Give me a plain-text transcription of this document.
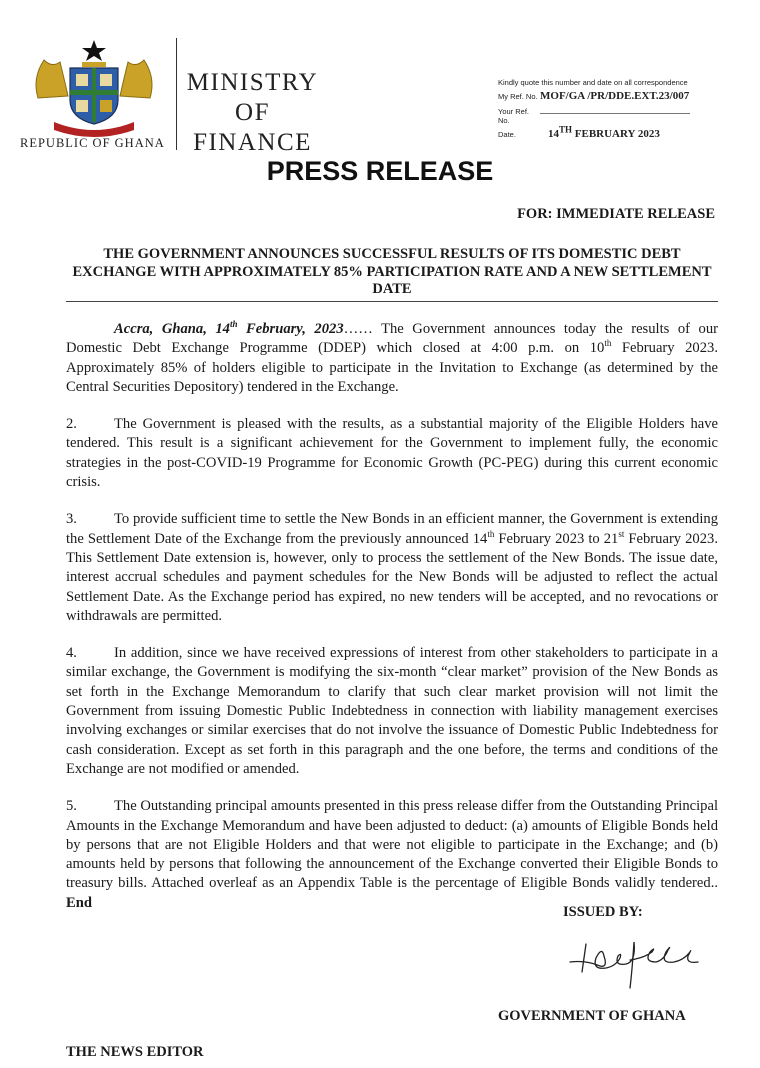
REPUBLIC OF GHANA
MINISTRY
OF
FINANCE
Kindly quote this number and date on all correspondence
My Ref. No. MOF/GA /PR/DDE.EXT.23/007
Your Ref. No.
Date.	14TH FEBRUARY 2023
PRESS RELEASE
FOR: IMMEDIATE RELEASE
THE GOVERNMENT ANNOUNCES SUCCESSFUL RESULTS OF ITS DOMESTIC DEBT EXCHANGE WITH APPROXIMATELY 85% PARTICIPATION RATE AND A NEW SETTLEMENT DATE

Accra, Ghana, 14th February, 2023…… The Government announces today the results of our Domestic Debt Exchange Programme (DDEP) which closed at 4:00 p.m. on 10th February 2023. Approximately 85% of holders eligible to participate in the Invitation to Exchange (as determined by the Central Securities Depository) tendered in the Exchange.

2.	The Government is pleased with the results, as a substantial majority of the Eligible Holders have tendered. This result is a significant achievement for the Government to implement fully, the economic strategies in the post-COVID-19 Programme for Economic Growth (PC-PEG) during this current economic crisis.

3.	To provide sufficient time to settle the New Bonds in an efficient manner, the Government is extending the Settlement Date of the Exchange from the previously announced 14th February 2023 to 21st February 2023. This Settlement Date extension is, however, only to process the settlement of the New Bonds. The issue date, interest accrual schedules and payment schedules for the New Bonds will be adjusted to reflect the actual Settlement Date. As the Exchange period has expired, no new tenders will be accepted, and no revocations or withdrawals are permitted.

4.	In addition, since we have received expressions of interest from other stakeholders to participate in a similar exchange, the Government is modifying the six-month “clear market” provision of the New Bonds as set forth in the Exchange Memorandum to clarify that such clear market provision will not limit the Government from issuing Domestic Public Indebtedness in connection with liability management exercises involving exchanges or similar exercises that do not involve the issuance of Domestic Public Indebtedness for cash consideration. Except as set forth in this paragraph and the one before, the terms and conditions of the Exchange are not modified or amended.

5.	The Outstanding principal amounts presented in this press release differ from the Outstanding Principal Amounts in the Exchange Memorandum and have been adjusted to deduct: (a) amounts of Eligible Bonds held by persons that are not Eligible Holders and that were not eligible to participate in the Exchange; and (b) amounts held by persons that following the announcement of the Exchange converted their Eligible Bonds to treasury bills. Attached overleaf as an Appendix Table is the percentage of Eligible Bonds validly tendered.. End

ISSUED BY:
GOVERNMENT OF GHANA
THE NEWS EDITOR
